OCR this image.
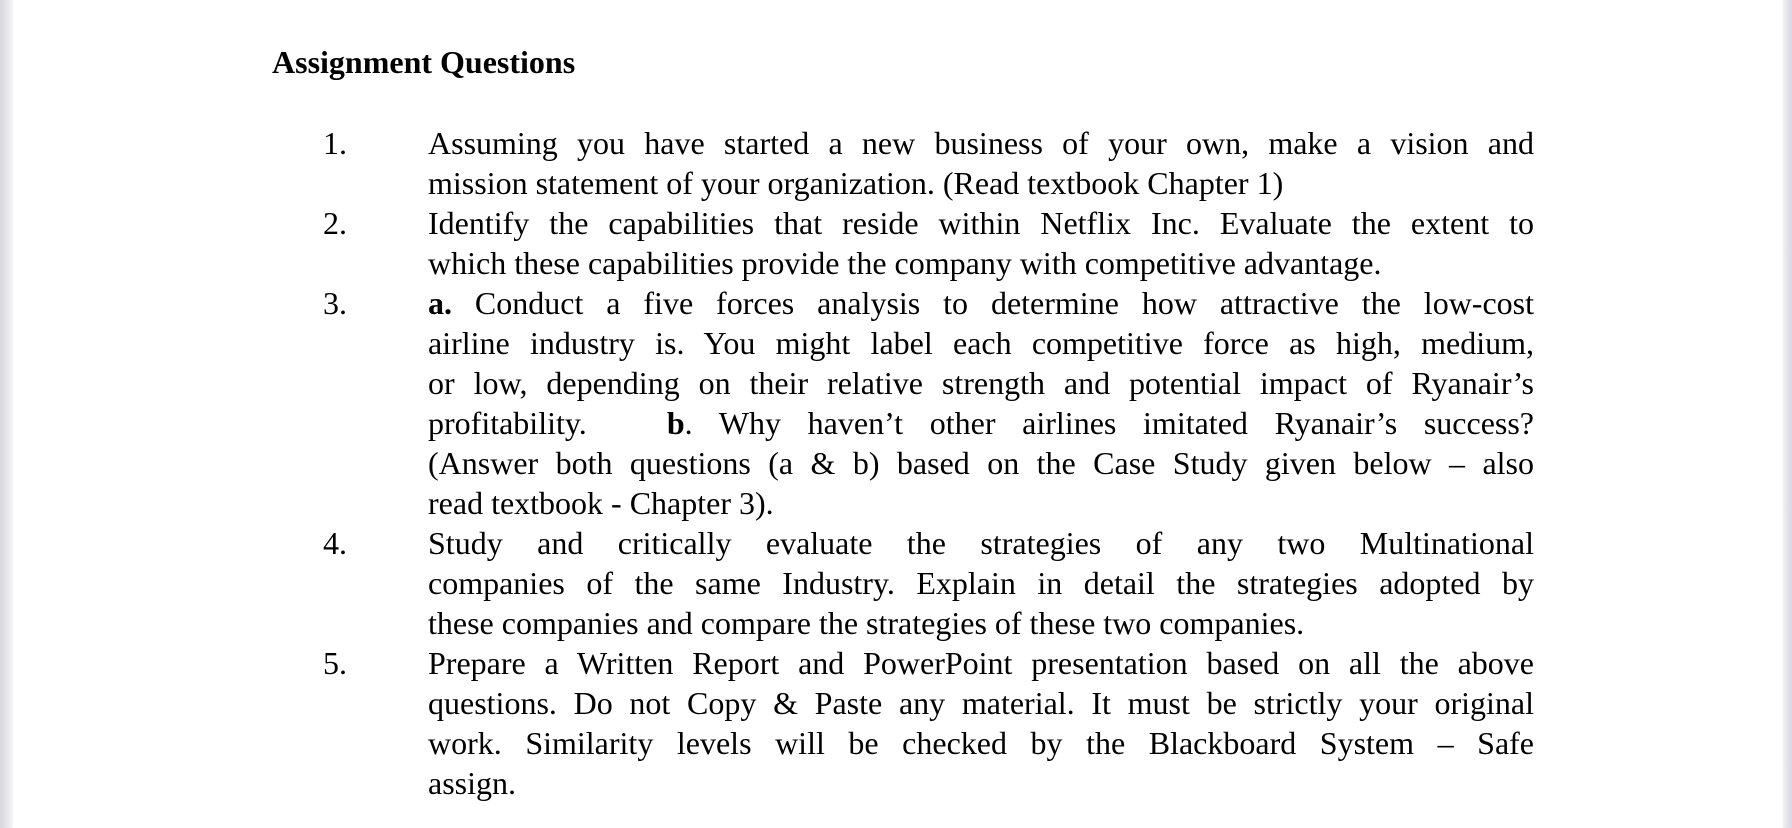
Assignment Questions
1.	Assuming you have started a new business of your own, make a vision and
mission statement of your organization. (Read textbook Chapter 1)
2.	Identify the capabilities that reside within Netflix Inc. Evaluate the extent to
which these capabilities provide the company with competitive advantage.
3.	a. Conduct a five forces analysis to determine how attractive the low-cost
airline industry is. You might label each competitive force as high, medium,
or low, depending on their relative strength and potential impact of Ryanair’s
profitability.	b. Why haven’t other airlines imitated Ryanair’s success?
(Answer both questions (a & b) based on the Case Study given below – also
read textbook - Chapter 3).
4.	Study and critically evaluate the strategies of any two Multinational
companies of the same Industry. Explain in detail the strategies adopted by
these companies and compare the strategies of these two companies.
5.	Prepare a Written Report and PowerPoint presentation based on all the above
questions. Do not Copy & Paste any material. It must be strictly your original
work. Similarity levels will be checked by the Blackboard System – Safe
assign.
